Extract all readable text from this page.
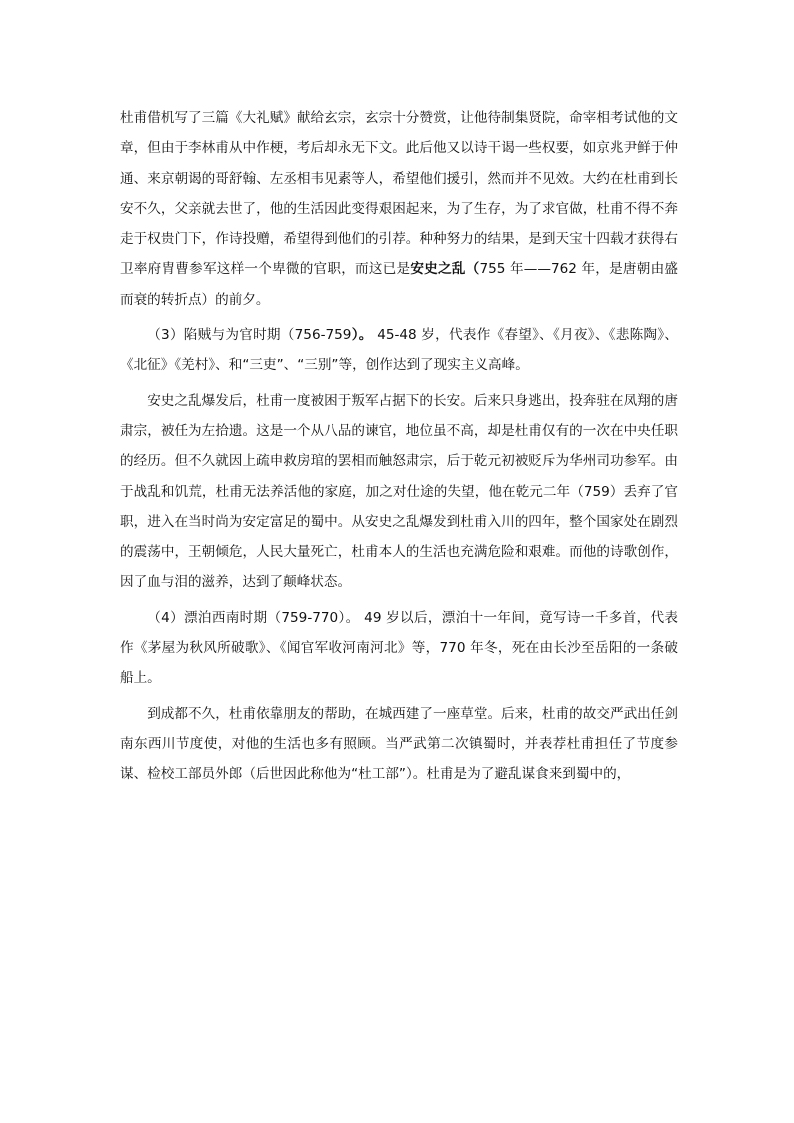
杜甫借机写了三篇《大礼赋》献给玄宗，玄宗十分赞赏，让他待制集贤院，命宰相考试他的文章，但由于李林甫从中作梗，考后却永无下文。此后他又以诗干谒一些权要，如京兆尹鲜于仲通、来京朝谒的哥舒翰、左丞相韦见素等人，希望他们援引，然而并不见效。大约在杜甫到长安不久，父亲就去世了，他的生活因此变得艰困起来，为了生存，为了求官做，杜甫不得不奔走于权贵门下，作诗投赠，希望得到他们的引荐。种种努力的结果，是到天宝十四载才获得右卫率府胄曹参军这样一个卑微的官职，而这已是安史之乱（755 年——762 年，是唐朝由盛而衰的转折点）的前夕。

（3）陷贼与为官时期（756-759）。 45-48 岁，代表作《春望》、《月夜》、《悲陈陶》、《北征》《羌村》、和“三吏”、“三别”等，创作达到了现实主义高峰。

安史之乱爆发后，杜甫一度被困于叛军占据下的长安。后来只身逃出，投奔驻在凤翔的唐肃宗，被任为左拾遗。这是一个从八品的谏官，地位虽不高，却是杜甫仅有的一次在中央任职的经历。但不久就因上疏申救房琯的罢相而触怒肃宗，后于乾元初被贬斥为华州司功参军。由于战乱和饥荒，杜甫无法养活他的家庭，加之对仕途的失望，他在乾元二年（759）丢弃了官职，进入在当时尚为安定富足的蜀中。从安史之乱爆发到杜甫入川的四年，整个国家处在剧烈的震荡中，王朝倾危，人民大量死亡，杜甫本人的生活也充满危险和艰难。而他的诗歌创作，因了血与泪的滋养，达到了颠峰状态。

（4）漂泊西南时期（759-770）。 49 岁以后，漂泊十一年间，竟写诗一千多首，代表作《茅屋为秋风所破歌》、《闻官军收河南河北》等，770 年冬，死在由长沙至岳阳的一条破船上。

到成都不久，杜甫依靠朋友的帮助，在城西建了一座草堂。后来，杜甫的故交严武出任剑南东西川节度使，对他的生活也多有照顾。当严武第二次镇蜀时，并表荐杜甫担任了节度参谋、检校工部员外郎（后世因此称他为“杜工部”）。杜甫是为了避乱谋食来到蜀中的，
